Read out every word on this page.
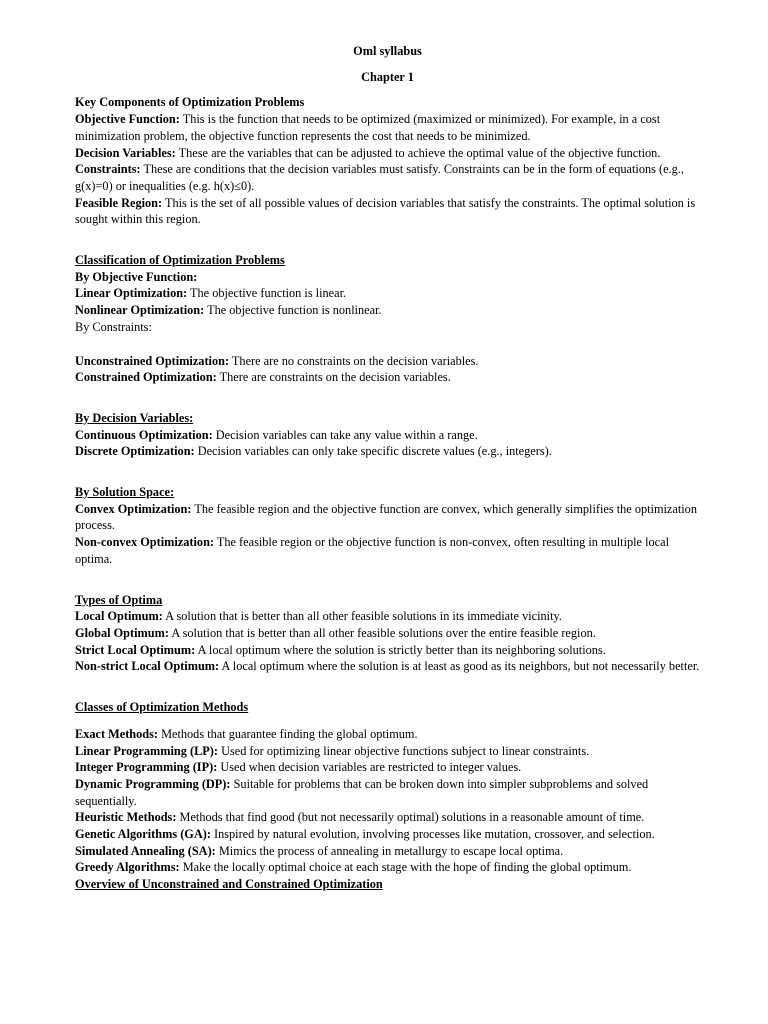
Oml syllabus

Chapter 1

Key Components of Optimization Problems

Objective Function: This is the function that needs to be optimized (maximized or minimized). For example, in a cost minimization problem, the objective function represents the cost that needs to be minimized.

Decision Variables: These are the variables that can be adjusted to achieve the optimal value of the objective function.

Constraints: These are conditions that the decision variables must satisfy. Constraints can be in the form of equations (e.g., g(x)=0) or inequalities (e.g. h(x)≤0).

Feasible Region: This is the set of all possible values of decision variables that satisfy the constraints. The optimal solution is sought within this region.

Classification of Optimization Problems

By Objective Function:

Linear Optimization: The objective function is linear.

Nonlinear Optimization: The objective function is nonlinear.

By Constraints:

Unconstrained Optimization: There are no constraints on the decision variables.

Constrained Optimization: There are constraints on the decision variables.

By Decision Variables:

Continuous Optimization: Decision variables can take any value within a range.

Discrete Optimization: Decision variables can only take specific discrete values (e.g., integers).

By Solution Space:

Convex Optimization: The feasible region and the objective function are convex, which generally simplifies the optimization process.

Non-convex Optimization: The feasible region or the objective function is non-convex, often resulting in multiple local optima.

Types of Optima

Local Optimum: A solution that is better than all other feasible solutions in its immediate vicinity.

Global Optimum: A solution that is better than all other feasible solutions over the entire feasible region.

Strict Local Optimum: A local optimum where the solution is strictly better than its neighboring solutions.

Non-strict Local Optimum: A local optimum where the solution is at least as good as its neighbors, but not necessarily better.

Classes of Optimization Methods

Exact Methods: Methods that guarantee finding the global optimum.

Linear Programming (LP): Used for optimizing linear objective functions subject to linear constraints.

Integer Programming (IP): Used when decision variables are restricted to integer values.

Dynamic Programming (DP): Suitable for problems that can be broken down into simpler subproblems and solved sequentially.

Heuristic Methods: Methods that find good (but not necessarily optimal) solutions in a reasonable amount of time.

Genetic Algorithms (GA): Inspired by natural evolution, involving processes like mutation, crossover, and selection.

Simulated Annealing (SA): Mimics the process of annealing in metallurgy to escape local optima.

Greedy Algorithms: Make the locally optimal choice at each stage with the hope of finding the global optimum.

Overview of Unconstrained and Constrained Optimization
